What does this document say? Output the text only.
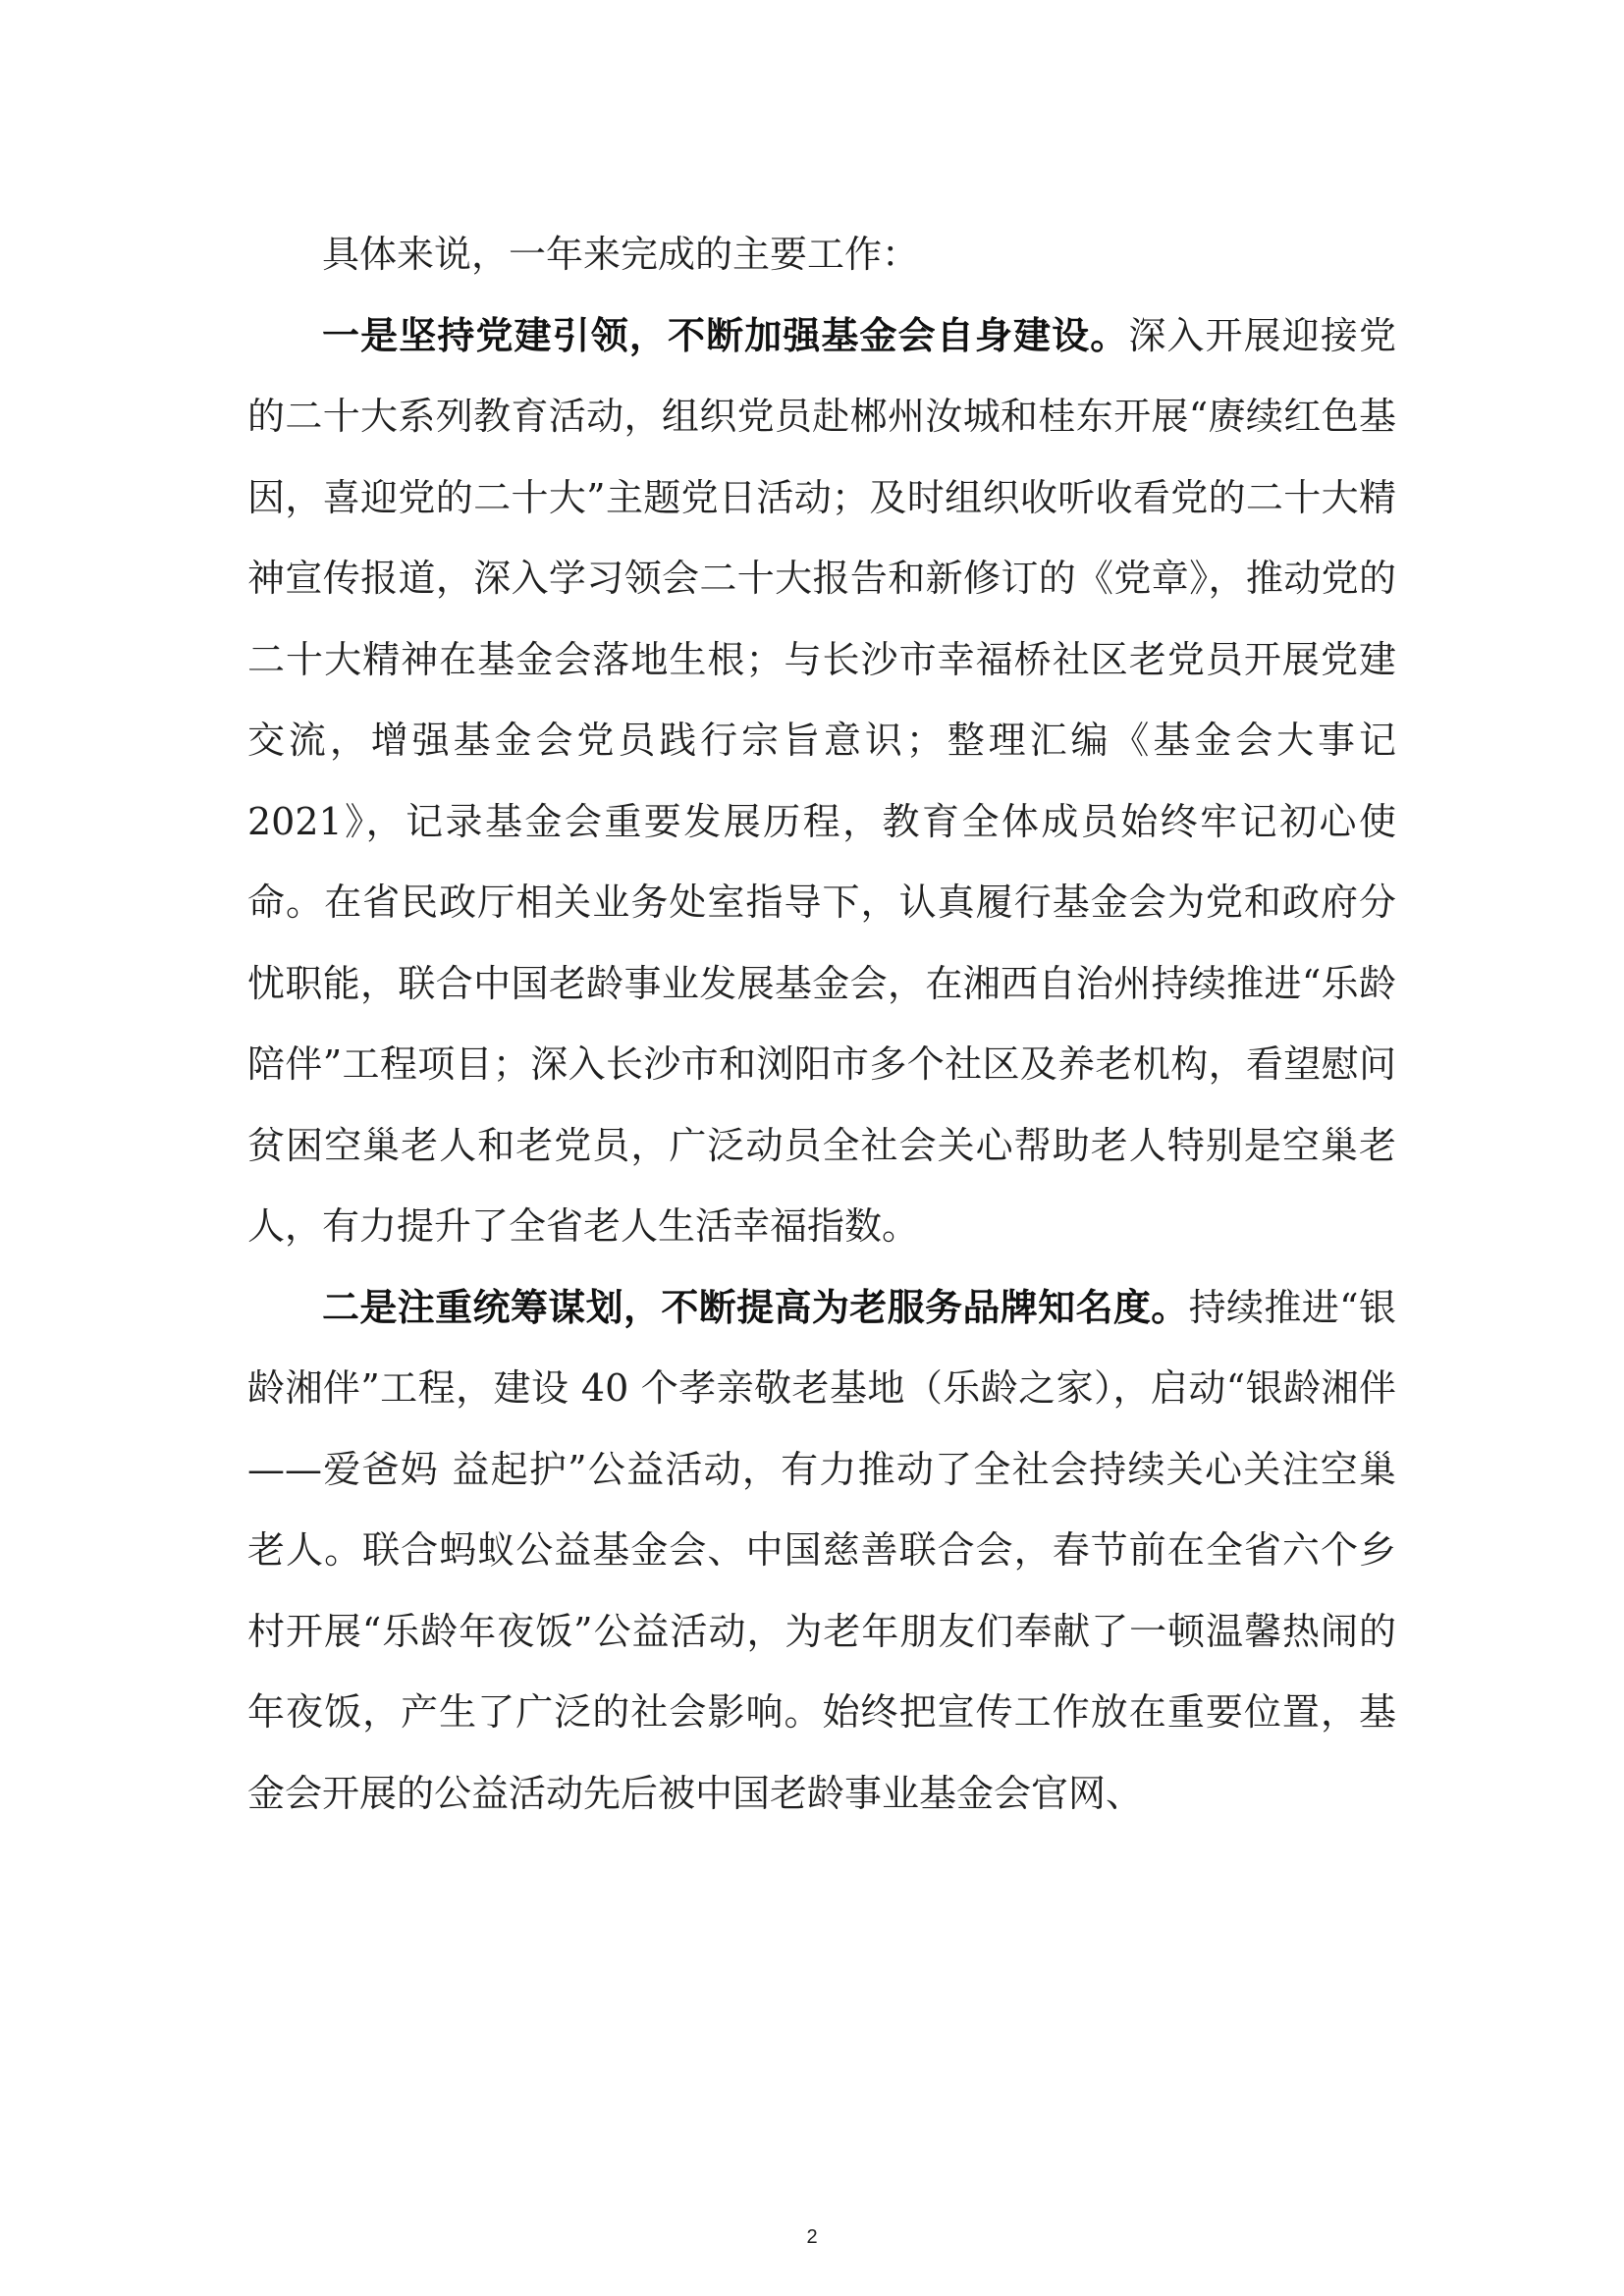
具体来说，一年来完成的主要工作：

一是坚持党建引领，不断加强基金会自身建设。深入开展迎接党的二十大系列教育活动，组织党员赴郴州汝城和桂东开展“赓续红色基因，喜迎党的二十大”主题党日活动；及时组织收听收看党的二十大精神宣传报道，深入学习领会二十大报告和新修订的《党章》，推动党的二十大精神在基金会落地生根；与长沙市幸福桥社区老党员开展党建交流，增强基金会党员践行宗旨意识；整理汇编《基金会大事记 2021》，记录基金会重要发展历程，教育全体成员始终牢记初心使命。在省民政厅相关业务处室指导下，认真履行基金会为党和政府分忧职能，联合中国老龄事业发展基金会，在湘西自治州持续推进“乐龄陪伴”工程项目；深入长沙市和浏阳市多个社区及养老机构，看望慰问贫困空巢老人和老党员，广泛动员全社会关心帮助老人特别是空巢老人，有力提升了全省老人生活幸福指数。

二是注重统筹谋划，不断提高为老服务品牌知名度。持续推进“银龄湘伴”工程，建设 40 个孝亲敬老基地（乐龄之家），启动“银龄湘伴——爱爸妈 益起护”公益活动，有力推动了全社会持续关心关注空巢老人。联合蚂蚁公益基金会、中国慈善联合会，春节前在全省六个乡村开展“乐龄年夜饭”公益活动，为老年朋友们奉献了一顿温馨热闹的年夜饭，产生了广泛的社会影响。始终把宣传工作放在重要位置，基金会开展的公益活动先后被中国老龄事业基金会官网、

2
